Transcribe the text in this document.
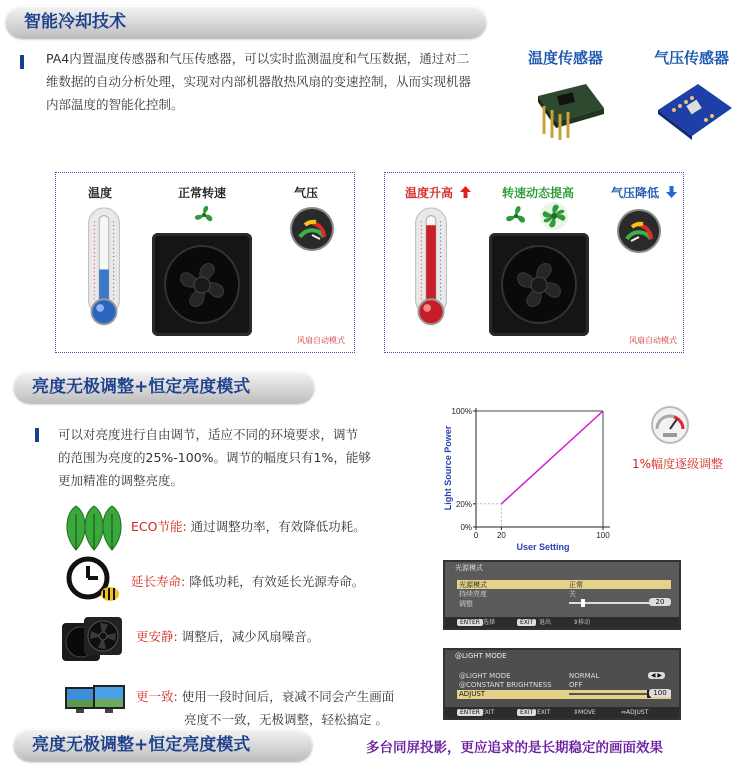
智能冷却技术
PA4内置温度传感器和气压传感器，可以实时监测温度和气压数据，通过对二
维数据的自动分析处理，实现对内部机器散热风扇的变速控制，从而实现机器
内部温度的智能化控制。
温度传感器	气压传感器
温度	正常转速	气压
风扇自动模式
温度升高	转速动态提高	气压降低
风扇自动模式
亮度无极调整+恒定亮度模式
可以对亮度进行自由调节，适应不同的环境要求，调节
的范围为亮度的25%-100%。调节的幅度只有1%，能够
更加精准的调整亮度。
ECO节能: 通过调整功率，有效降低功耗。
延长寿命: 降低功耗，有效延长光源寿命。
更安静: 调整后，减少风扇噪音。
更一致: 使用一段时间后，衰减不同会产生画面
亮度不一致，无极调整，轻松搞定 。
User Setting
Light Source Power
0 20	100
0%
20%
100%
1%幅度逐级调整
光源模式
光源模式	正常
持续亮度	关
调整	20
ENTER 选择	EXIT 退出	⇕移动
@LIGHT MODE
@LIGHT MODE	NORMAL	◀ ▶
@CONSTANT BRIGHTNESS OFF
ADJUST	100
ENTER EXIT	EXIT EXIT	⇕MOVE	⇔ADJUST
亮度无极调整+恒定亮度模式	多台同屏投影，更应追求的是长期稳定的画面效果
